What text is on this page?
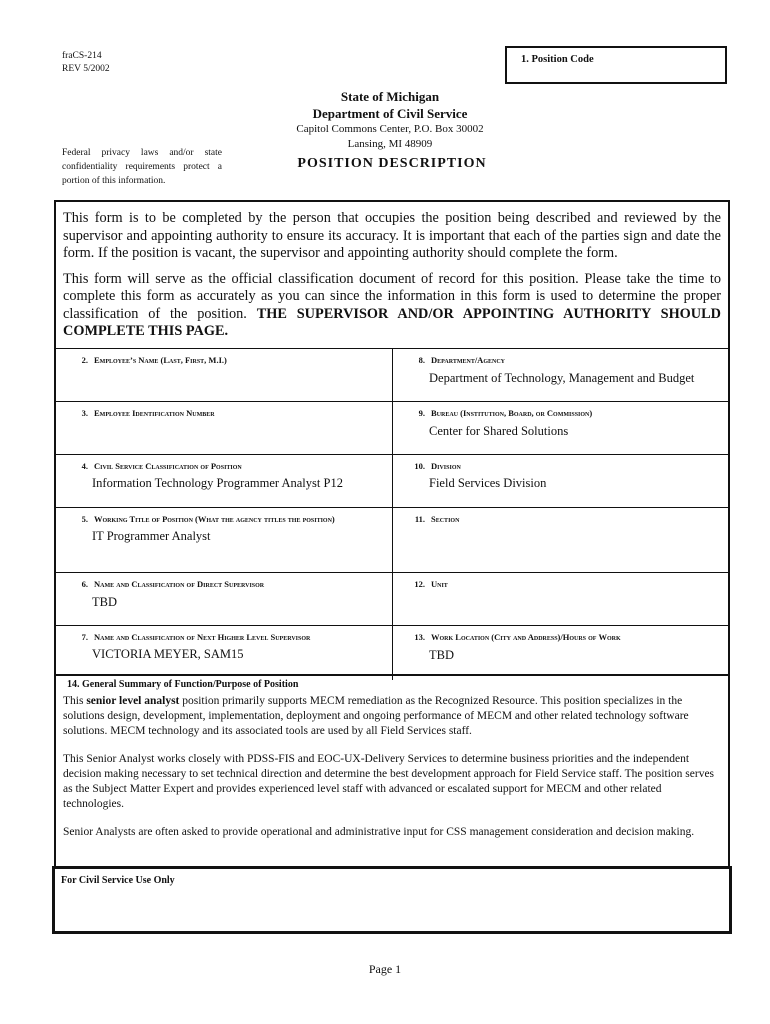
fraCS-214
REV 5/2002
1. Position Code
State of Michigan
Department of Civil Service
Capitol Commons Center, P.O. Box 30002
Lansing, MI 48909
Federal privacy laws and/or state confidentiality requirements protect a portion of this information.
POSITION DESCRIPTION

This form is to be completed by the person that occupies the position being described and reviewed by the supervisor and appointing authority to ensure its accuracy. It is important that each of the parties sign and date the form. If the position is vacant, the supervisor and appointing authority should complete the form.

This form will serve as the official classification document of record for this position. Please take the time to complete this form as accurately as you can since the information in this form is used to determine the proper classification of the position. THE SUPERVISOR AND/OR APPOINTING AUTHORITY SHOULD COMPLETE THIS PAGE.

2. Employee’s Name (Last, First, M.I.)	8. Department/Agency
Department of Technology, Management and Budget
3. Employee Identification Number	9. Bureau (Institution, Board, or Commission)
Center for Shared Solutions
4. Civil Service Classification of Position
Information Technology Programmer Analyst P12
10. Division
Field Services Division
5. Working Title of Position (What the agency titles the position)
IT Programmer Analyst
11. Section
6. Name and Classification of Direct Supervisor
TBD
12. Unit
7. Name and Classification of Next Higher Level Supervisor
VICTORIA MEYER, SAM15
13. Work Location (City and Address)/Hours of Work
TBD
14. General Summary of Function/Purpose of Position

This senior level analyst position primarily supports MECM remediation as the Recognized Resource. This position specializes in the solutions design, development, implementation, deployment and ongoing performance of MECM and other related technology software solutions. MECM technology and its associated tools are used by all Field Services staff.

This Senior Analyst works closely with PDSS-FIS and EOC-UX-Delivery Services to determine business priorities and the independent decision making necessary to set technical direction and determine the best development approach for Field Service staff. The position serves as the Subject Matter Expert and provides experienced level staff with advanced or escalated support for MECM and other related technologies.

Senior Analysts are often asked to provide operational and administrative input for CSS management consideration and decision making.

For Civil Service Use Only
Page 1
